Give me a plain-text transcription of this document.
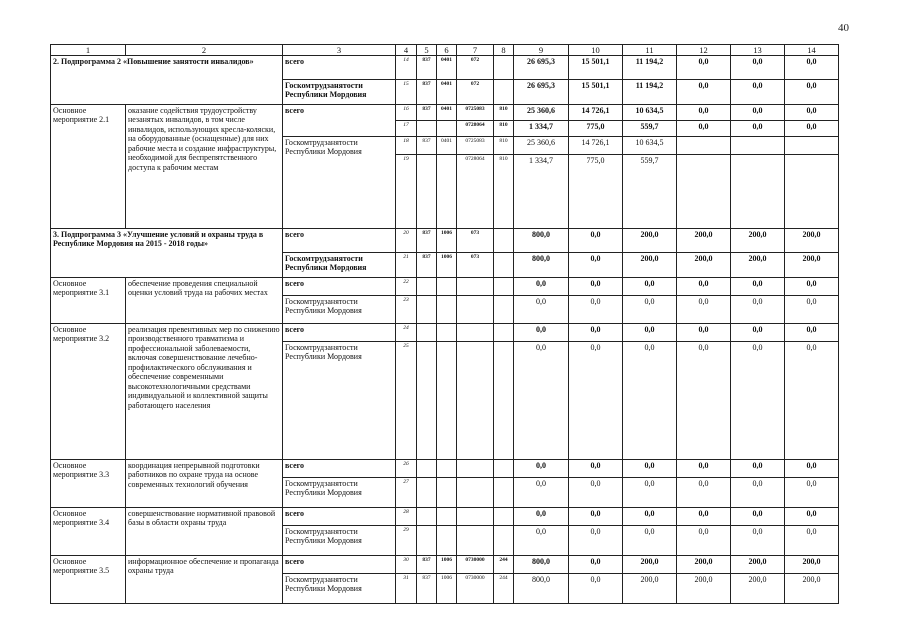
40
1	2	3	4	5	6	7	8	9	10	11	12	13	14
2. Подпрограмма 2 «Повышение занятости инвалидов»		всего	14	837	0401	072		26 695,3	15 501,1	11 194,2	0,0	0,0	0,0
		Госкомтрудзанятости Республики Мордовия	15	837	0401	072		26 695,3	15 501,1	11 194,2	0,0	0,0	0,0
Основное мероприятие 2.1	оказание содействия трудоустройству незанятых инвалидов, в том числе инвалидов, использующих кресла-коляски, на оборудованные (оснащенные) для них рабочие места и создание инфраструктуры, необходимой для беспрепятственного доступа к рабочим местам	всего	16	837	0401	0725083	810	25 360,6	14 726,1	10 634,5	0,0	0,0	0,0
			17			0728064	810	1 334,7	775,0	559,7	0,0	0,0	0,0
		Госкомтрудзанятости Республики Мордовия	18	837	0401	0725083	810	25 360,6	14 726,1	10 634,5			
			19			0728064	810	1 334,7	775,0	559,7			
3. Подпрограмма 3 «Улучшение условий и охраны труда в Республике Мордовия на 2015 - 2018 годы»		всего	20	837	1006	073		800,0	0,0	200,0	200,0	200,0	200,0
		Госкомтрудзанятости Республики Мордовия	21	837	1006	073		800,0	0,0	200,0	200,0	200,0	200,0
Основное мероприятие 3.1	обеспечение проведения специальной оценки условий труда на рабочих местах	всего	22					0,0	0,0	0,0	0,0	0,0	0,0
		Госкомтрудзанятости Республики Мордовия	23					0,0	0,0	0,0	0,0	0,0	0,0
Основное мероприятие 3.2	реализация превентивных мер по снижению производственного травматизма и профессиональной заболеваемости, включая совершенствование лечебно-профилактического обслуживания и обеспечение современными высокотехнологичными средствами индивидуальной и коллективной защиты работающего населения	всего	24					0,0	0,0	0,0	0,0	0,0	0,0
		Госкомтрудзанятости Республики Мордовия	25					0,0	0,0	0,0	0,0	0,0	0,0
Основное мероприятие 3.3	координация непрерывной подготовки работников по охране труда на основе современных технологий обучения	всего	26					0,0	0,0	0,0	0,0	0,0	0,0
		Госкомтрудзанятости Республики Мордовия	27					0,0	0,0	0,0	0,0	0,0	0,0
Основное мероприятие 3.4	совершенствование нормативной правовой базы в области охраны труда	всего	28					0,0	0,0	0,0	0,0	0,0	0,0
		Госкомтрудзанятости Республики Мордовия	29					0,0	0,0	0,0	0,0	0,0	0,0
Основное мероприятие 3.5	информационное обеспечение и пропаганда охраны труда	всего	30	837	1006	0730000	244	800,0	0,0	200,0	200,0	200,0	200,0
		Госкомтрудзанятости Республики Мордовия	31	837	1006	0730000	244	800,0	0,0	200,0	200,0	200,0	200,0
